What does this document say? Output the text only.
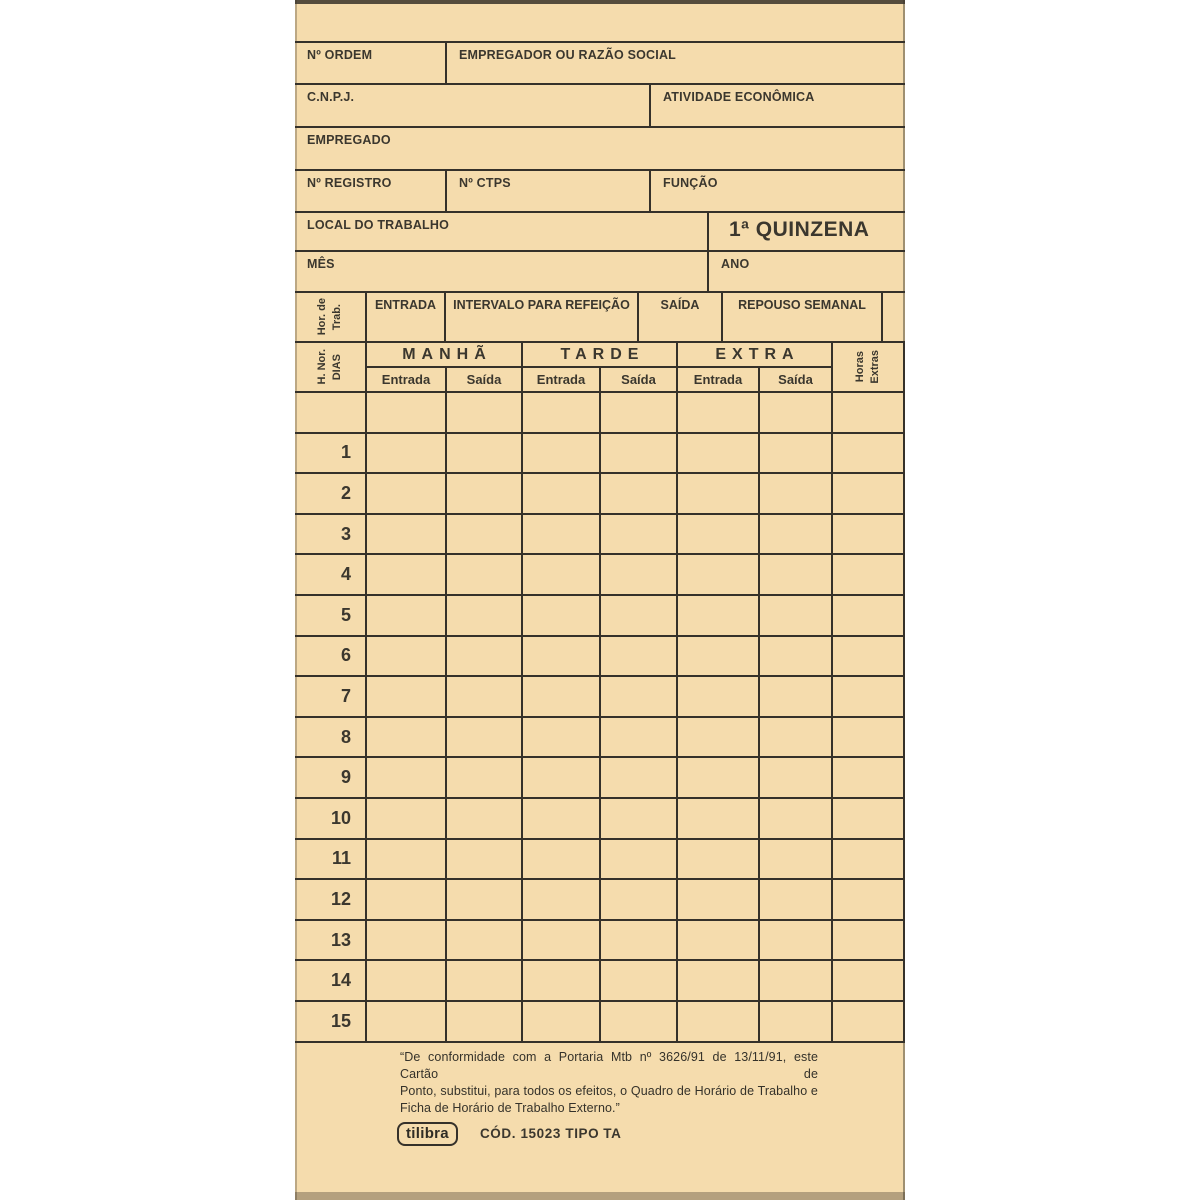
Nº ORDEM	EMPREGADOR OU RAZÃO SOCIAL
C.N.P.J.	ATIVIDADE ECONÔMICA
EMPREGADO
Nº REGISTRO	Nº CTPS	FUNÇÃO
LOCAL DO TRABALHO	1ª QUINZENA
MÊS	ANO
Hor. de Trab.	ENTRADA	INTERVALO PARA REFEIÇÃO	SAÍDA	REPOUSO SEMANAL
H. Nor. DIAS	MANHÃ	TARDE	EXTRA	Horas Extras
Entrada	Saída	Entrada	Saída	Entrada	Saída
1
2
3
4
5
6
7
8
9
10
11
12
13
14
15
“De conformidade com a Portaria Mtb nº 3626/91 de 13/11/91, este Cartão de
Ponto, substitui, para todos os efeitos, o Quadro de Horário de Trabalho e
Ficha de Horário de Trabalho Externo.”
tilibra	CÓD. 15023 TIPO TA
